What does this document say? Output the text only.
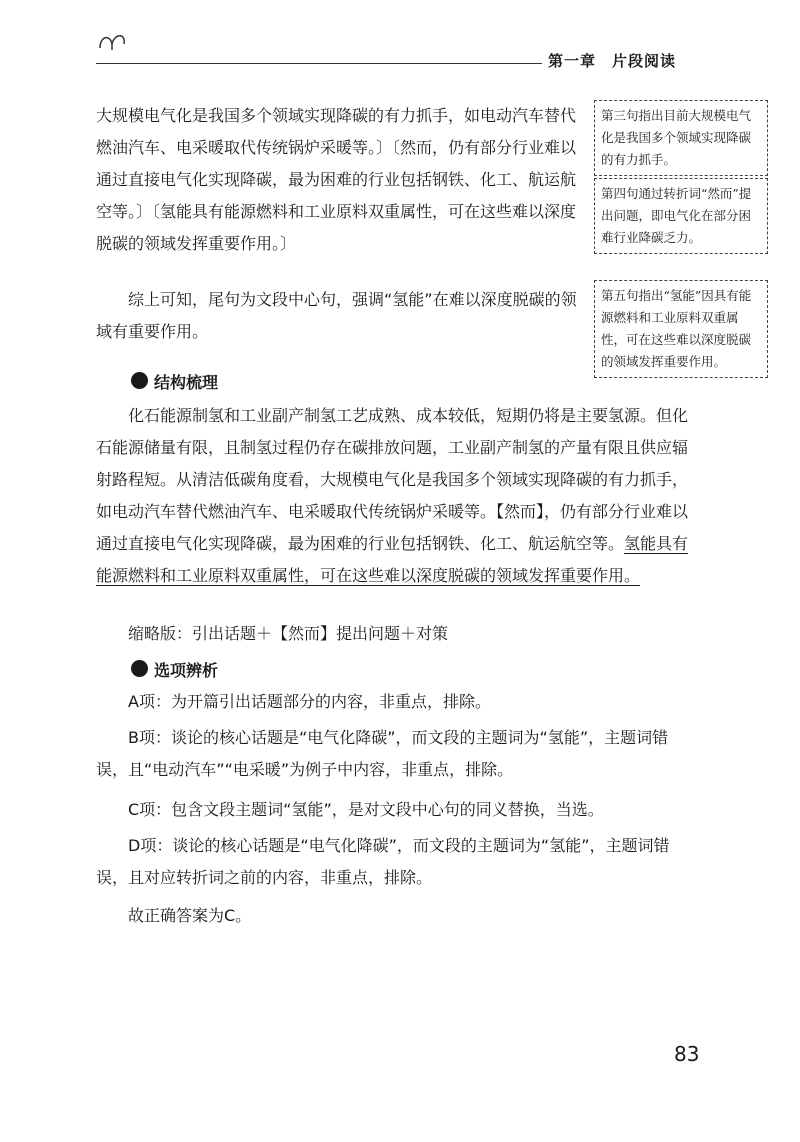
第一章 片段阅读

大规模电气化是我国多个领域实现降碳的有力抓手，如电动汽车替代燃油汽车、电采暖取代传统锅炉采暖等。〕〔然而，仍有部分行业难以通过直接电气化实现降碳，最为困难的行业包括钢铁、化工、航运航空等。〕〔氢能具有能源燃料和工业原料双重属性，可在这些难以深度脱碳的领域发挥重要作用。〕

综上可知，尾句为文段中心句，强调“氢能”在难以深度脱碳的领域有重要作用。

结构梳理

化石能源制氢和工业副产制氢工艺成熟、成本较低，短期仍将是主要氢源。但化石能源储量有限，且制氢过程仍存在碳排放问题，工业副产制氢的产量有限且供应辐射路程短。从清洁低碳角度看，大规模电气化是我国多个领域实现降碳的有力抓手，如电动汽车替代燃油汽车、电采暖取代传统锅炉采暖等。【然而】，仍有部分行业难以通过直接电气化实现降碳，最为困难的行业包括钢铁、化工、航运航空等。氢能具有能源燃料和工业原料双重属性，可在这些难以深度脱碳的领域发挥重要作用。

缩略版：引出话题＋【然而】提出问题＋对策

选项辨析

A项：为开篇引出话题部分的内容，非重点，排除。

B项：谈论的核心话题是“电气化降碳”，而文段的主题词为“氢能”，主题词错误，且“电动汽车”“电采暖”为例子中内容，非重点，排除。

C项：包含文段主题词“氢能”，是对文段中心句的同义替换，当选。

D项：谈论的核心话题是“电气化降碳”，而文段的主题词为“氢能”，主题词错误，且对应转折词之前的内容，非重点，排除。

故正确答案为C。

第三句指出目前大规模电气化是我国多个领域实现降碳的有力抓手。
第四句通过转折词“然而”提出问题，即电气化在部分困难行业降碳乏力。
第五句指出“氢能”因具有能源燃料和工业原料双重属性，可在这些难以深度脱碳的领域发挥重要作用。
83
